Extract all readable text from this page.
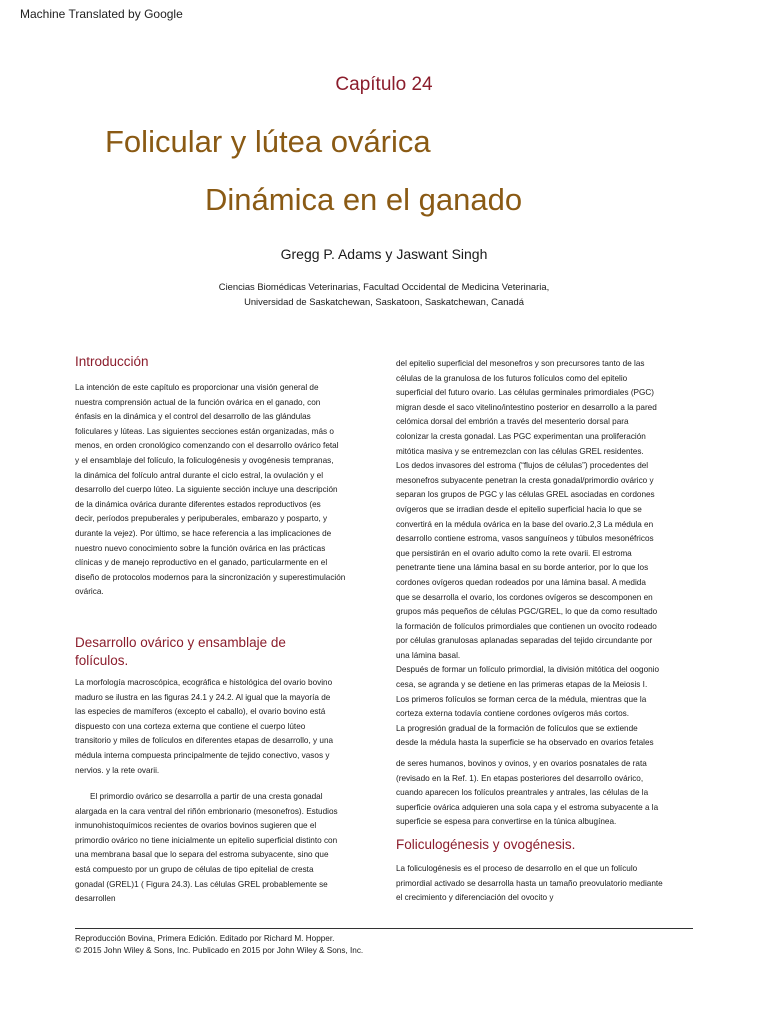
Machine Translated by Google
Capítulo 24
Folicular y lútea ovárica
Dinámica en el ganado
Gregg P. Adams y Jaswant Singh
Ciencias Biomédicas Veterinarias, Facultad Occidental de Medicina Veterinaria,
Universidad de Saskatchewan, Saskatoon, Saskatchewan, Canadá
Introducción

La intención de este capítulo es proporcionar una visión general de

nuestra comprensión actual de la función ovárica en el ganado, con

énfasis en la dinámica y el control del desarrollo de las glándulas

foliculares y lúteas. Las siguientes secciones están organizadas, más o

menos, en orden cronológico comenzando con el desarrollo ovárico fetal

y el ensamblaje del folículo, la foliculogénesis y ovogénesis tempranas,

la dinámica del folículo antral durante el ciclo estral, la ovulación y el

desarrollo del cuerpo lúteo. La siguiente sección incluye una descripción

de la dinámica ovárica durante diferentes estados reproductivos (es

decir, períodos prepuberales y peripuberales, embarazo y posparto, y

durante la vejez). Por último, se hace referencia a las implicaciones de

nuestro nuevo conocimiento sobre la función ovárica en las prácticas

clínicas y de manejo reproductivo en el ganado, particularmente en el

diseño de protocolos modernos para la sincronización y superestimulación

ovárica.

Desarrollo ovárico y ensamblaje de
folículos.

La morfología macroscópica, ecográfica e histológica del ovario bovino

maduro se ilustra en las figuras 24.1 y 24.2. Al igual que la mayoría de

las especies de mamíferos (excepto el caballo), el ovario bovino está

dispuesto con una corteza externa que contiene el cuerpo lúteo

transitorio y miles de folículos en diferentes etapas de desarrollo, y una

médula interna compuesta principalmente de tejido conectivo, vasos y

nervios. y la rete ovarii.

El primordio ovárico se desarrolla a partir de una cresta gonadal

alargada en la cara ventral del riñón embrionario (mesonefros). Estudios

inmunohistoquímicos recientes de ovarios bovinos sugieren que el

primordio ovárico no tiene inicialmente un epitelio superficial distinto con

una membrana basal que lo separa del estroma subyacente, sino que

está compuesto por un grupo de células de tipo epitelial de cresta

gonadal (GREL)1 ( Figura 24.3). Las células GREL probablemente se

desarrollen

del epitelio superficial del mesonefros y son precursores tanto de las

células de la granulosa de los futuros folículos como del epitelio

superficial del futuro ovario. Las células germinales primordiales (PGC)

migran desde el saco vitelino/intestino posterior en desarrollo a la pared

celómica dorsal del embrión a través del mesenterio dorsal para

colonizar la cresta gonadal. Las PGC experimentan una proliferación

mitótica masiva y se entremezclan con las células GREL residentes.

Los dedos invasores del estroma (“flujos de células”) procedentes del

mesonefros subyacente penetran la cresta gonadal/primordio ovárico y

separan los grupos de PGC y las células GREL asociadas en cordones

ovígeros que se irradian desde el epitelio superficial hacia lo que se

convertirá en la médula ovárica en la base del ovario.2,3 La médula en

desarrollo contiene estroma, vasos sanguíneos y túbulos mesonéfricos

que persistirán en el ovario adulto como la rete ovarii. El estroma

penetrante tiene una lámina basal en su borde anterior, por lo que los

cordones ovígeros quedan rodeados por una lámina basal. A medida

que se desarrolla el ovario, los cordones ovígeros se descomponen en

grupos más pequeños de células PGC/GREL, lo que da como resultado

la formación de folículos primordiales que contienen un ovocito rodeado

por células granulosas aplanadas separadas del tejido circundante por

una lámina basal.

Después de formar un folículo primordial, la división mitótica del oogonio

cesa, se agranda y se detiene en las primeras etapas de la Meiosis I.

Los primeros folículos se forman cerca de la médula, mientras que la

corteza externa todavía contiene cordones ovígeros más cortos.

La progresión gradual de la formación de folículos que se extiende

desde la médula hasta la superficie se ha observado en ovarios fetales

de seres humanos, bovinos y ovinos, y en ovarios posnatales de rata

(revisado en la Ref. 1). En etapas posteriores del desarrollo ovárico,

cuando aparecen los folículos preantrales y antrales, las células de la

superficie ovárica adquieren una sola capa y el estroma subyacente a la

superficie se espesa para convertirse en la túnica albugínea.

Foliculogénesis y ovogénesis.

La foliculogénesis es el proceso de desarrollo en el que un folículo

primordial activado se desarrolla hasta un tamaño preovulatorio mediante

el crecimiento y diferenciación del ovocito y

Reproducción Bovina, Primera Edición. Editado por Richard M. Hopper.
© 2015 John Wiley & Sons, Inc. Publicado en 2015 por John Wiley & Sons, Inc.
